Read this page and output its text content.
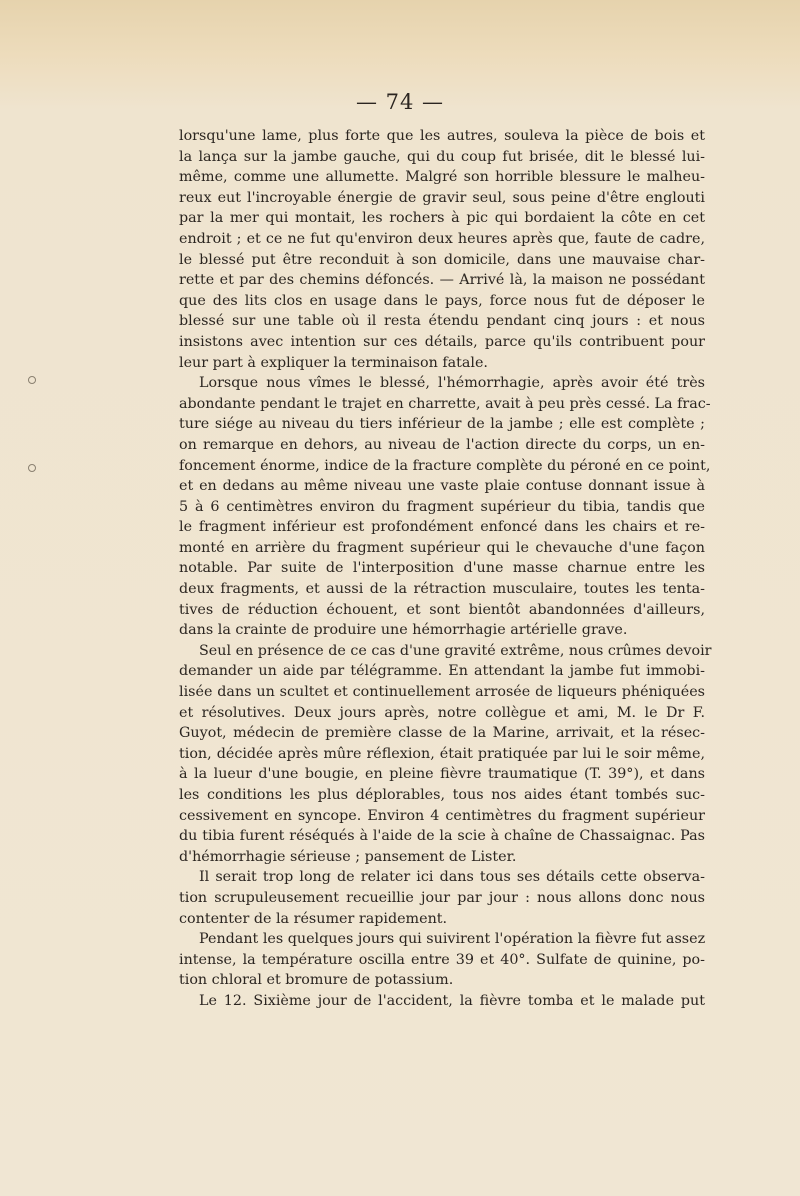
— 74 —
lorsqu'une lame, plus forte que les autres, souleva la pièce de bois et
la lança sur la jambe gauche, qui du coup fut brisée, dit le blessé lui-
même, comme une allumette. Malgré son horrible blessure le malheu-
reux eut l'incroyable énergie de gravir seul, sous peine d'être englouti
par la mer qui montait, les rochers à pic qui bordaient la côte en cet
endroit ; et ce ne fut qu'environ deux heures après que, faute de cadre,
le blessé put être reconduit à son domicile, dans une mauvaise char-
rette et par des chemins défoncés. — Arrivé là, la maison ne possédant
que des lits clos en usage dans le pays, force nous fut de déposer le
blessé sur une table où il resta étendu pendant cinq jours : et nous
insistons avec intention sur ces détails, parce qu'ils contribuent pour
leur part à expliquer la terminaison fatale.
Lorsque nous vîmes le blessé, l'hémorrhagie, après avoir été très
abondante pendant le trajet en charrette, avait à peu près cessé. La frac-
ture siége au niveau du tiers inférieur de la jambe ; elle est complète ;
on remarque en dehors, au niveau de l'action directe du corps, un en-
foncement énorme, indice de la fracture complète du péroné en ce point,
et en dedans au même niveau une vaste plaie contuse donnant issue à
5 à 6 centimètres environ du fragment supérieur du tibia, tandis que
le fragment inférieur est profondément enfoncé dans les chairs et re-
monté en arrière du fragment supérieur qui le chevauche d'une façon
notable. Par suite de l'interposition d'une masse charnue entre les
deux fragments, et aussi de la rétraction musculaire, toutes les tenta-
tives de réduction échouent, et sont bientôt abandonnées d'ailleurs,
dans la crainte de produire une hémorrhagie artérielle grave.
Seul en présence de ce cas d'une gravité extrême, nous crûmes devoir
demander un aide par télégramme. En attendant la jambe fut immobi-
lisée dans un scultet et continuellement arrosée de liqueurs phéniquées
et résolutives. Deux jours après, notre collègue et ami, M. le Dr F.
Guyot, médecin de première classe de la Marine, arrivait, et la résec-
tion, décidée après mûre réflexion, était pratiquée par lui le soir même,
à la lueur d'une bougie, en pleine fièvre traumatique (T. 39°), et dans
les conditions les plus déplorables, tous nos aides étant tombés suc-
cessivement en syncope. Environ 4 centimètres du fragment supérieur
du tibia furent réséqués à l'aide de la scie à chaîne de Chassaignac. Pas
d'hémorrhagie sérieuse ; pansement de Lister.
Il serait trop long de relater ici dans tous ses détails cette observa-
tion scrupuleusement recueillie jour par jour : nous allons donc nous
contenter de la résumer rapidement.
Pendant les quelques jours qui suivirent l'opération la fièvre fut assez
intense, la température oscilla entre 39 et 40°. Sulfate de quinine, po-
tion chloral et bromure de potassium.
Le 12. Sixième jour de l'accident, la fièvre tomba et le malade put
